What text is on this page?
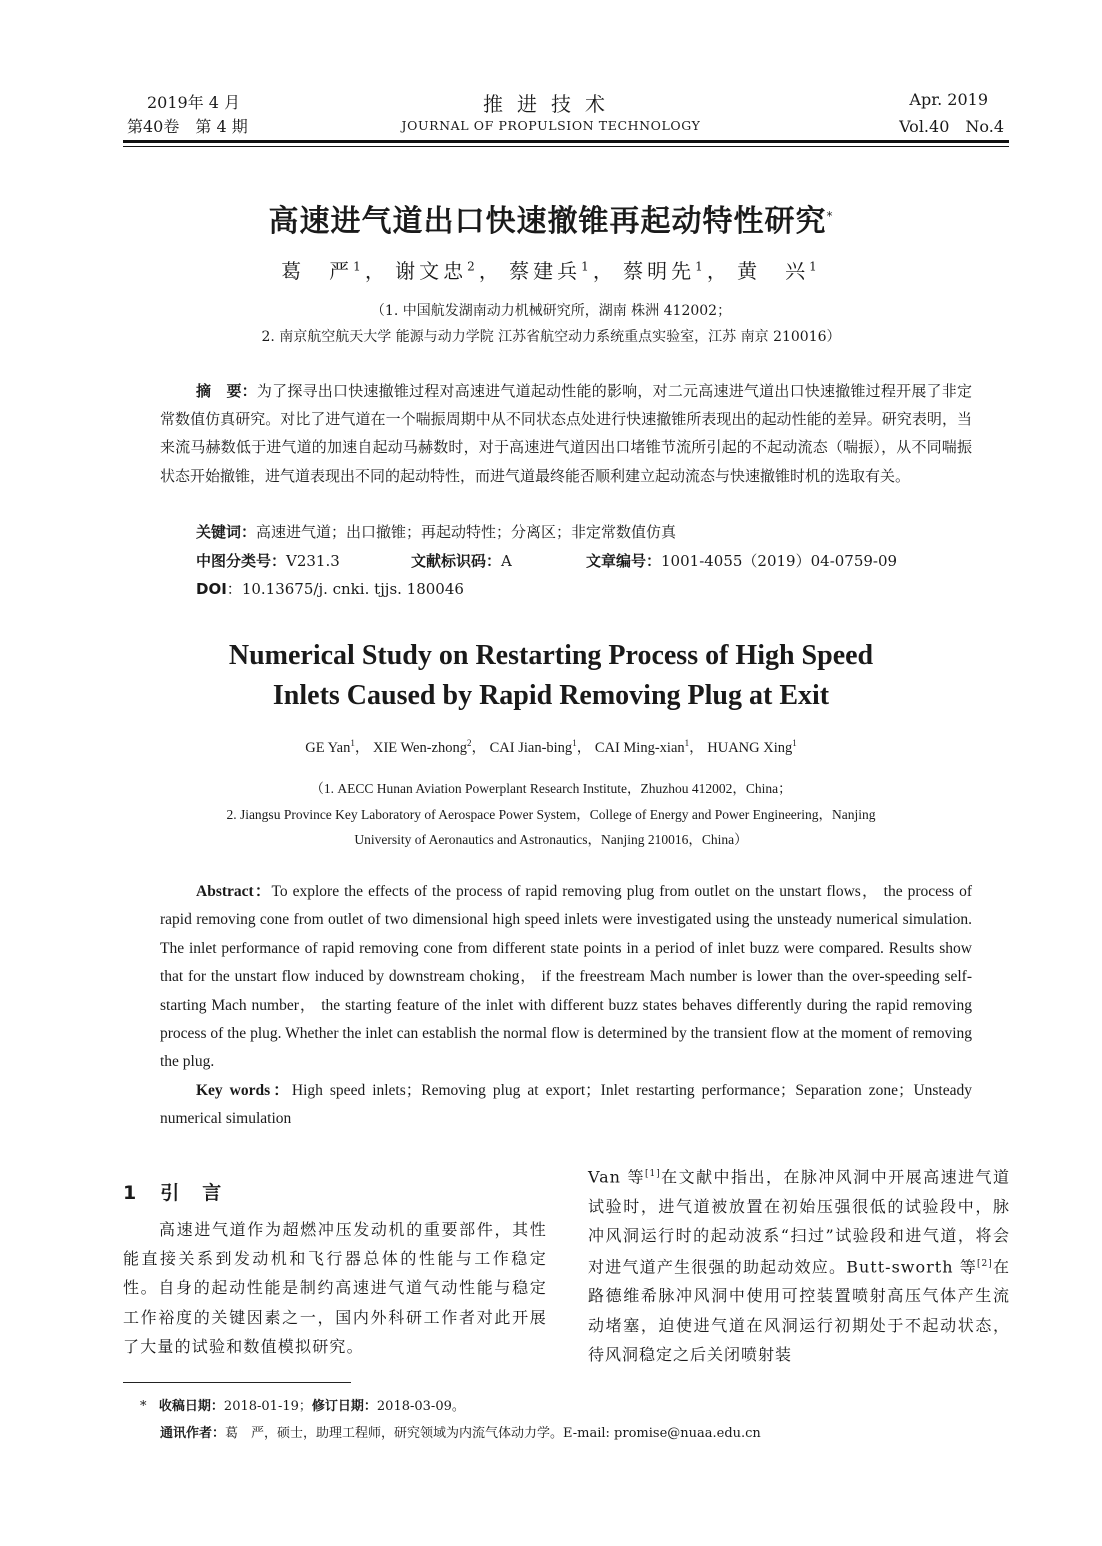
2019年 4 月
第40卷　第 4 期
推进技术
JOURNAL OF PROPULSION TECHNOLOGY
Apr. 2019
Vol.40　No.4
高速进气道出口快速撤锥再起动特性研究*
葛　严$^1$， 谢文忠$^2$， 蔡建兵$^1$， 蔡明先$^1$， 黄　兴$^1$
（1. 中国航发湖南动力机械研究所，湖南 株洲 412002；
2. 南京航空航天大学 能源与动力学院 江苏省航空动力系统重点实验室，江苏 南京 210016）
摘　要：为了探寻出口快速撤锥过程对高速进气道起动性能的影响，对二元高速进气道出口快速撤锥过程开展了非定常数值仿真研究。对比了进气道在一个喘振周期中从不同状态点处进行快速撤锥所表现出的起动性能的差异。研究表明，当来流马赫数低于进气道的加速自起动马赫数时，对于高速进气道因出口堵锥节流所引起的不起动流态（喘振），从不同喘振状态开始撤锥，进气道表现出不同的起动特性，而进气道最终能否顺利建立起动流态与快速撤锥时机的选取有关。
关键词：高速进气道；出口撤锥；再起动特性；分离区；非定常数值仿真
中图分类号：V231.3	文献标识码：A	文章编号：1001-4055（2019）04-0759-09
DOI：10.13675/j. cnki. tjjs. 180046
Numerical Study on Restarting Process of High Speed
Inlets Caused by Rapid Removing Plug at Exit
GE Yan$^1$， XIE Wen-zhong$^2$， CAI Jian-bing$^1$， CAI Ming-xian$^1$， HUANG Xing$^1$
（1. AECC Hunan Aviation Powerplant Research Institute，Zhuzhou 412002，China；
2. Jiangsu Province Key Laboratory of Aerospace Power System，College of Energy and Power Engineering，Nanjing
University of Aeronautics and Astronautics，Nanjing 210016，China）
Abstract：To explore the effects of the process of rapid removing plug from outlet on the unstart flows， the process of rapid removing cone from outlet of two dimensional high speed inlets were investigated using the unsteady numerical simulation. The inlet performance of rapid removing cone from different state points in a period of inlet buzz were compared. Results show that for the unstart flow induced by downstream choking， if the freestream Mach number is lower than the over-speeding self-starting Mach number， the starting feature of the inlet with different buzz states behaves differently during the rapid removing process of the plug. Whether the inlet can establish the normal flow is determined by the transient flow at the moment of removing the plug.
Key words：High speed inlets；Removing plug at export；Inlet restarting performance；Separation zone；Unsteady numerical simulation
1 引　言
高速进气道作为超燃冲压发动机的重要部件，其性能直接关系到发动机和飞行器总体的性能与工作稳定性。自身的起动性能是制约高速进气道气动性能与稳定工作裕度的关键因素之一，国内外科研工作者对此开展了大量的试验和数值模拟研究。
Van 等[1]在文献中指出，在脉冲风洞中开展高速进气道试验时，进气道被放置在初始压强很低的试验段中，脉冲风洞运行时的起动波系“扫过”试验段和进气道，将会对进气道产生很强的助起动效应。Butt-sworth 等[2]在路德维希脉冲风洞中使用可控装置喷射高压气体产生流动堵塞，迫使进气道在风洞运行初期处于不起动状态，待风洞稳定之后关闭喷射装
* 收稿日期：2018-01-19；修订日期：2018-03-09。
通讯作者：葛　严，硕士，助理工程师，研究领域为内流气体动力学。E-mail: promise@nuaa.edu.cn
